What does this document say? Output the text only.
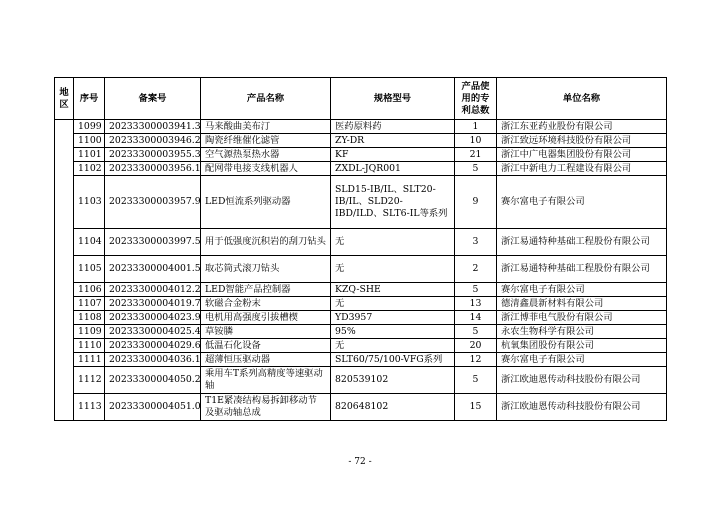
地区	序号	备案号	产品名称	规格型号	产品使用的专利总数	单位名称
	1099	20233300003941.3	马来酸曲美布汀	医药原料药	1	浙江东亚药业股份有限公司
	1100	20233300003946.2	陶瓷纤维催化滤管	ZY-DR	10	浙江致远环境科技股份有限公司
	1101	20233300003955.3	空气源热泵热水器	KF	21	浙江中广电器集团股份有限公司
	1102	20233300003956.1	配网带电接支线机器人	ZXDL-JQR001	5	浙江中新电力工程建设有限公司
	1103	20233300003957.9	LED恒流系列驱动器	SLD15-IB/IL、SLT20-IB/IL、SLD20-IBD/ILD、SLT6-IL等系列	9	赛尔富电子有限公司
	1104	20233300003997.5	用于低强度沉积岩的刮刀钻头	无	3	浙江易通特种基础工程股份有限公司
	1105	20233300004001.5	取芯筒式滚刀钻头	无	2	浙江易通特种基础工程股份有限公司
	1106	20233300004012.2	LED智能产品控制器	KZQ-SHE	5	赛尔富电子有限公司
	1107	20233300004019.7	软磁合金粉末	无	13	德清鑫晨新材料有限公司
	1108	20233300004023.9	电机用高强度引拔槽楔	YD3957	14	浙江博菲电气股份有限公司
	1109	20233300004025.4	草铵膦	95%	5	永农生物科学有限公司
	1110	20233300004029.6	低温石化设备	无	20	杭氧集团股份有限公司
	1111	20233300004036.1	超薄恒压驱动器	SLT60/75/100-VFG系列	12	赛尔富电子有限公司
	1112	20233300004050.2	乘用车T系列高精度等速驱动轴	820539102	5	浙江欧迪恩传动科技股份有限公司
	1113	20233300004051.0	T1E紧凑结构易拆卸移动节及驱动轴总成	820648102	15	浙江欧迪恩传动科技股份有限公司
- 72 -
